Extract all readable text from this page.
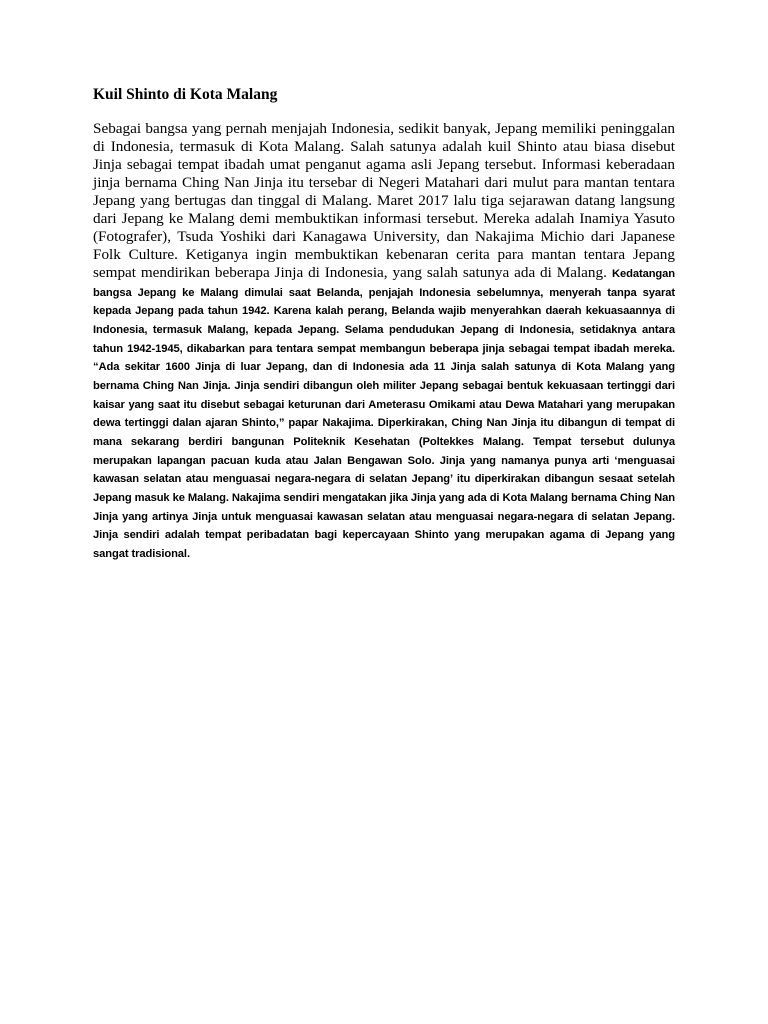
Kuil Shinto di Kota Malang

Sebagai bangsa yang pernah menjajah Indonesia, sedikit banyak, Jepang memiliki peninggalan di Indonesia, termasuk di Kota Malang. Salah satunya adalah kuil Shinto atau biasa disebut Jinja sebagai tempat ibadah umat penganut agama asli Jepang tersebut. Informasi keberadaan jinja bernama Ching Nan Jinja itu tersebar di Negeri Matahari dari mulut para mantan tentara Jepang yang bertugas dan tinggal di Malang. Maret 2017 lalu tiga sejarawan datang langsung dari Jepang ke Malang demi membuktikan informasi tersebut. Mereka adalah Inamiya Yasuto (Fotografer), Tsuda Yoshiki dari Kanagawa University, dan Nakajima Michio dari Japanese Folk Culture. Ketiganya ingin membuktikan kebenaran cerita para mantan tentara Jepang sempat mendirikan beberapa Jinja di Indonesia, yang salah satunya ada di Malang. Kedatangan bangsa Jepang ke Malang dimulai saat Belanda, penjajah Indonesia sebelumnya, menyerah tanpa syarat kepada Jepang pada tahun 1942. Karena kalah perang, Belanda wajib menyerahkan daerah kekuasaannya di Indonesia, termasuk Malang, kepada Jepang. Selama pendudukan Jepang di Indonesia, setidaknya antara tahun 1942-1945, dikabarkan para tentara sempat membangun beberapa jinja sebagai tempat ibadah mereka. “Ada sekitar 1600 Jinja di luar Jepang, dan di Indonesia ada 11 Jinja salah satunya di Kota Malang yang bernama Ching Nan Jinja. Jinja sendiri dibangun oleh militer Jepang sebagai bentuk kekuasaan tertinggi dari kaisar yang saat itu disebut sebagai keturunan dari Ameterasu Omikami atau Dewa Matahari yang merupakan dewa tertinggi dalan ajaran Shinto,” papar Nakajima. Diperkirakan, Ching Nan Jinja itu dibangun di tempat di mana sekarang berdiri bangunan Politeknik Kesehatan (Poltekkes Malang. Tempat tersebut dulunya merupakan lapangan pacuan kuda atau Jalan Bengawan Solo. Jinja yang namanya punya arti ‘menguasai kawasan selatan atau menguasai negara-negara di selatan Jepang’ itu diperkirakan dibangun sesaat setelah Jepang masuk ke Malang. Nakajima sendiri mengatakan jika Jinja yang ada di Kota Malang bernama Ching Nan Jinja yang artinya Jinja untuk menguasai kawasan selatan atau menguasai negara-negara di selatan Jepang. Jinja sendiri adalah tempat peribadatan bagi kepercayaan Shinto yang merupakan agama di Jepang yang sangat tradisional.
